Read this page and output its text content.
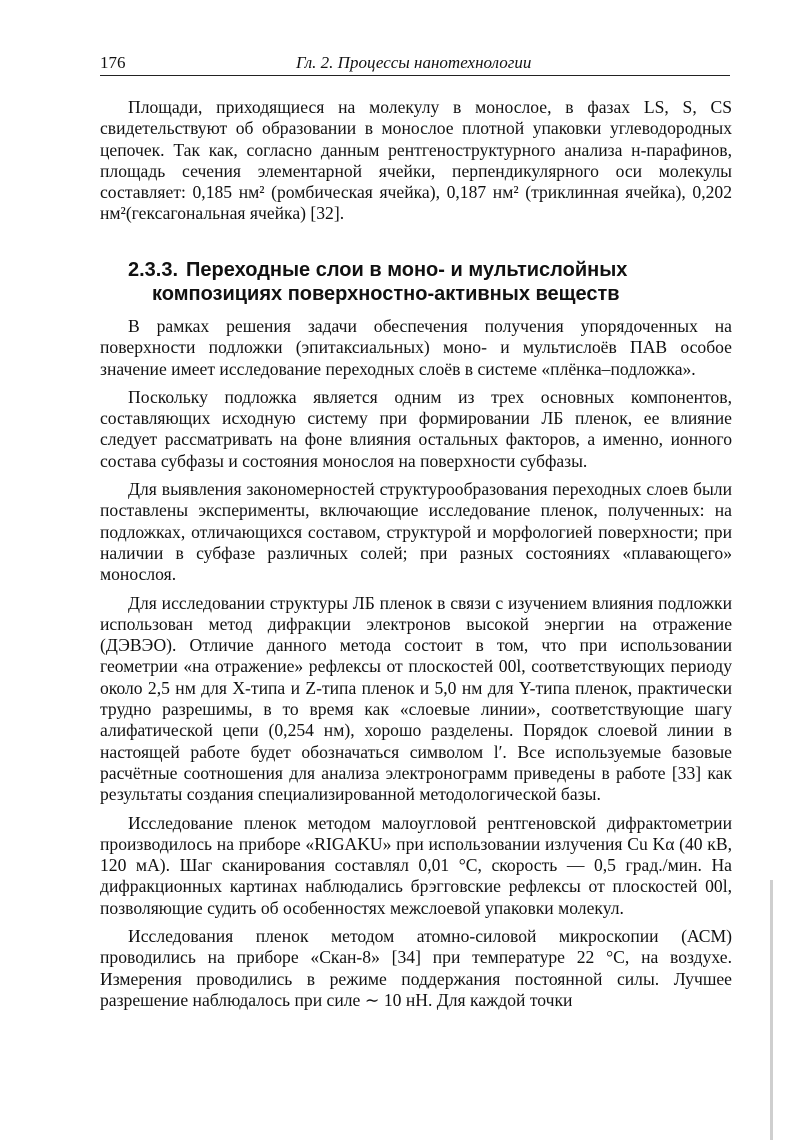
176	Гл. 2. Процессы нанотехнологии

Площади, приходящиеся на молекулу в монослое, в фазах LS, S, CS свидетельствуют об образовании в монослое плотной упаковки углеводородных цепочек. Так как, согласно данным рентгеноструктурного анализа н-парафинов, площадь сечения элементарной ячейки, перпендикулярного оси молекулы составляет: 0,185 нм² (ромбическая ячейка), 0,187 нм² (триклинная ячейка), 0,202 нм²(гексагональная ячейка) [32].

2.3.3. Переходные слои в моно- и мультислойных
композициях поверхностно-активных веществ

В рамках решения задачи обеспечения получения упорядоченных на поверхности подложки (эпитаксиальных) моно- и мультислоёв ПАВ особое значение имеет исследование переходных слоёв в системе «плёнка–подложка».

Поскольку подложка является одним из трех основных компонентов, составляющих исходную систему при формировании ЛБ пленок, ее влияние следует рассматривать на фоне влияния остальных факторов, а именно, ионного состава субфазы и состояния монослоя на поверхности субфазы.

Для выявления закономерностей структурообразования переходных слоев были поставлены эксперименты, включающие исследование пленок, полученных: на подложках, отличающихся составом, структурой и морфологией поверхности; при наличии в субфазе различных солей; при разных состояниях «плавающего» монослоя.

Для исследовании структуры ЛБ пленок в связи с изучением влияния подложки использован метод дифракции электронов высокой энергии на отражение (ДЭВЭО). Отличие данного метода состоит в том, что при использовании геометрии «на отражение» рефлексы от плоскостей 00l, соответствующих периоду около 2,5 нм для X-типа и Z-типа пленок и 5,0 нм для Y-типа пленок, практически трудно разрешимы, в то время как «слоевые линии», соответствующие шагу алифатической цепи (0,254 нм), хорошо разделены. Порядок слоевой линии в настоящей работе будет обозначаться символом l′. Все используемые базовые расчётные соотношения для анализа электронограмм приведены в работе [33] как результаты создания специализированной методологической базы.

Исследование пленок методом малоугловой рентгеновской дифрактометрии производилось на приборе «RIGAKU» при использовании излучения Cu Kα (40 кВ, 120 мА). Шаг сканирования составлял 0,01 °С, скорость — 0,5 град./мин. На дифракционных картинах наблюдались брэгговские рефлексы от плоскостей 00l, позволяющие судить об особенностях межслоевой упаковки молекул.

Исследования пленок методом атомно-силовой микроскопии (АСМ) проводились на приборе «Скан-8» [34] при температуре 22 °С, на воздухе. Измерения проводились в режиме поддержания постоянной силы. Лучшее разрешение наблюдалось при силе ∼ 10 нН. Для каждой точки
